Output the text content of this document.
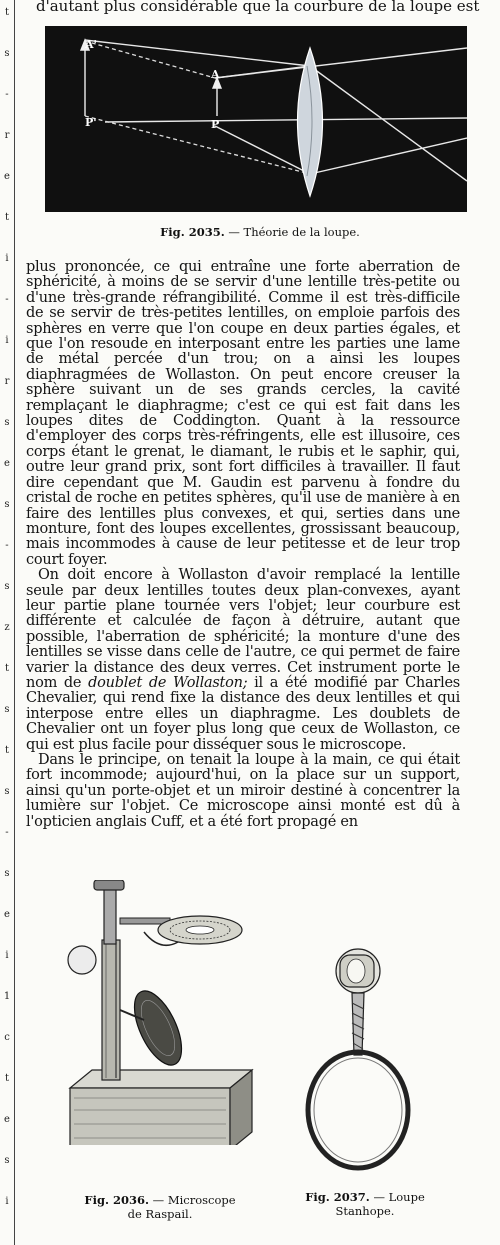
t
s
-
r
e
t
i
-
i
r
s
e
s
-
s
z
t
s
t
s
-
s
e
i
1
c
t
e
s
i
d'autant plus considérable que la courbure de la loupe est
A'
A
P'	P
Fig. 2035. — Théorie de la loupe.

plus prononcée, ce qui entraîne une forte aberration de sphéricité, à moins de se servir d'une lentille très-petite ou d'une très-grande réfrangibilité. Comme il est très-difficile de se servir de très-petites lentilles, on emploie parfois des sphères en verre que l'on coupe en deux parties égales, et que l'on resoude en interposant entre les parties une lame de métal percée d'un trou; on a ainsi les loupes diaphragmées de Wollaston. On peut encore creuser la sphère suivant un de ses grands cercles, la cavité remplaçant le diaphragme; c'est ce qui est fait dans les loupes dites de Coddington. Quant à la ressource d'employer des corps très-réfringents, elle est illusoire, ces corps étant le grenat, le diamant, le rubis et le saphir, qui, outre leur grand prix, sont fort difficiles à travailler. Il faut dire cependant que M. Gaudin est parvenu à fondre du cristal de roche en petites sphères, qu'il use de manière à en faire des lentilles plus convexes, et qui, serties dans une monture, font des loupes excellentes, grossissant beaucoup, mais incommodes à cause de leur petitesse et de leur trop court foyer.

On doit encore à Wollaston d'avoir remplacé la lentille seule par deux lentilles toutes deux plan-convexes, ayant leur partie plane tournée vers l'objet; leur courbure est différente et calculée de façon à détruire, autant que possible, l'aberration de sphéricité; la monture d'une des lentilles se visse dans celle de l'autre, ce qui permet de faire varier la distance des deux verres. Cet instrument porte le nom de doublet de Wollaston; il a été modifié par Charles Chevalier, qui rend fixe la distance des deux lentilles et qui interpose entre elles un diaphragme. Les doublets de Chevalier ont un foyer plus long que ceux de Wollaston, ce qui est plus facile pour disséquer sous le microscope.

Dans le principe, on tenait la loupe à la main, ce qui était fort incommode; aujourd'hui, on la place sur un support, ainsi qu'un porte-objet et un miroir destiné à concentrer la lumière sur l'objet. Ce microscope ainsi monté est dû à l'opticien anglais Cuff, et a été fort propagé en

Fig. 2036. — Microscope
de Raspail.
Fig. 2037. — Loupe
Stanhope.
